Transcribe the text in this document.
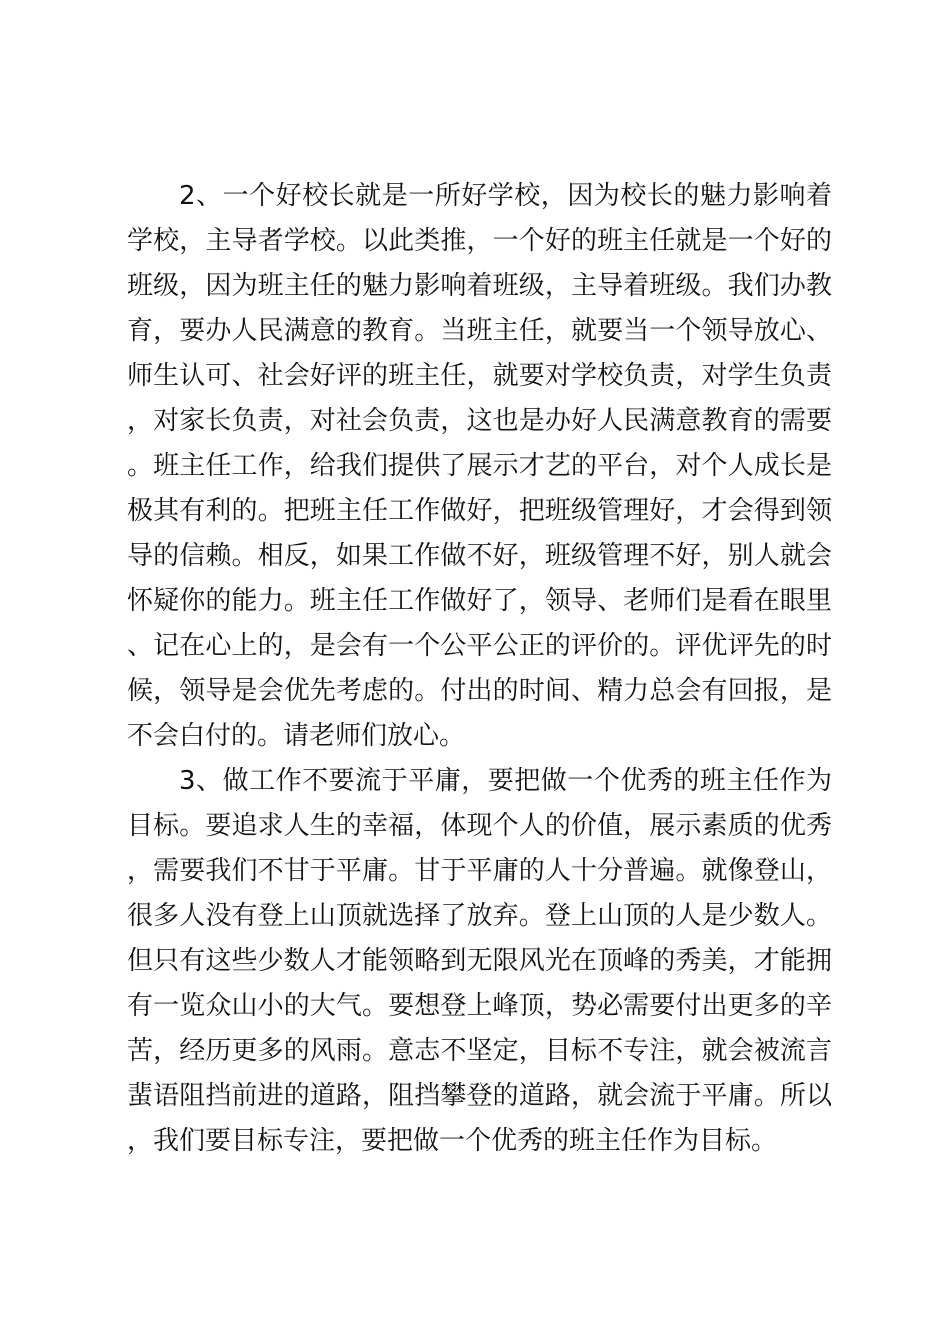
2、一个好校长就是一所好学校，因为校长的魅力影响着学校，主导者学校。以此类推，一个好的班主任就是一个好的班级，因为班主任的魅力影响着班级，主导着班级。我们办教育，要办人民满意的教育。当班主任，就要当一个领导放心、师生认可、社会好评的班主任，就要对学校负责，对学生负责，对家长负责，对社会负责，这也是办好人民满意教育的需要。班主任工作，给我们提供了展示才艺的平台，对个人成长是极其有利的。把班主任工作做好，把班级管理好，才会得到领导的信赖。相反，如果工作做不好，班级管理不好，别人就会怀疑你的能力。班主任工作做好了，领导、老师们是看在眼里、记在心上的，是会有一个公平公正的评价的。评优评先的时候，领导是会优先考虑的。付出的时间、精力总会有回报，是不会白付的。请老师们放心。

3、做工作不要流于平庸，要把做一个优秀的班主任作为目标。要追求人生的幸福，体现个人的价值，展示素质的优秀，需要我们不甘于平庸。甘于平庸的人十分普遍。就像登山，很多人没有登上山顶就选择了放弃。登上山顶的人是少数人。但只有这些少数人才能领略到无限风光在顶峰的秀美，才能拥有一览众山小的大气。要想登上峰顶，势必需要付出更多的辛苦，经历更多的风雨。意志不坚定，目标不专注，就会被流言蜚语阻挡前进的道路，阻挡攀登的道路，就会流于平庸。所以，我们要目标专注，要把做一个优秀的班主任作为目标。
